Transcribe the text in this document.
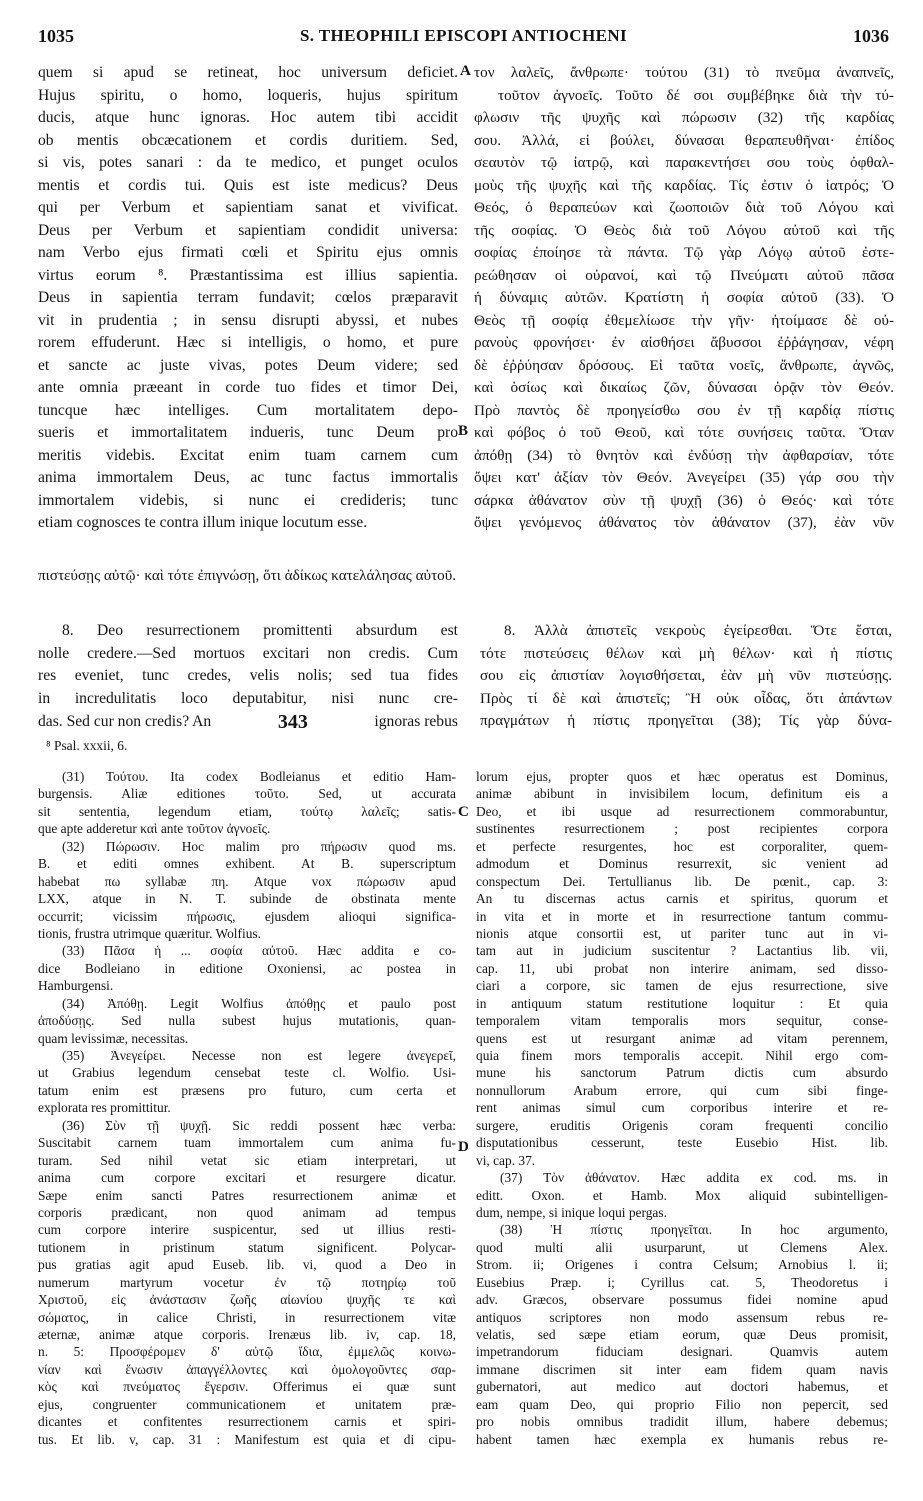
1035	S. THEOPHILI EPISCOPI ANTIOCHENI	1036
quem si apud se retineat, hoc universum deficiet.
Hujus spiritu, o homo, loqueris, hujus spiritum
ducis, atque hunc ignoras. Hoc autem tibi accidit
ob mentis obcæcationem et cordis duritiem. Sed,
si vis, potes sanari : da te medico, et punget oculos
mentis et cordis tui. Quis est iste medicus? Deus
qui per Verbum et sapientiam sanat et vivificat.
Deus per Verbum et sapientiam condidit universa:
nam Verbo ejus firmati cœli et Spiritu ejus omnis
virtus eorum ⁸. Præstantissima est illius sapientia.
Deus in sapientia terram fundavit; cœlos præparavit
vit in prudentia ; in sensu disrupti abyssi, et nubes
rorem effuderunt. Hæc si intelligis, o homo, et pure
et sancte ac juste vivas, potes Deum videre; sed
ante omnia præeant in corde tuo fides et timor Dei,
tuncque hæc intelliges. Cum mortalitatem depo-
sueris et immortalitatem indueris, tunc Deum pro
meritis videbis. Excitat enim tuam carnem cum
anima immortalem Deus, ac tunc factus immortalis
immortalem videbis, si nunc ei credideris; tunc
etiam cognosces te contra illum inique locutum esse.
τον λαλεῖς, ἄνθρωπε· τούτου (31) τὸ πνεῦμα ἀναπνεῖς,
τοῦτον ἀγνοεῖς. Τοῦτο δέ σοι συμβέβηκε διὰ τὴν τύ-
φλωσιν τῆς ψυχῆς καὶ πώρωσιν (32) τῆς καρδίας
σου. Ἀλλά, εἰ βούλει, δύνασαι θεραπευθῆναι· ἐπίδος
σεαυτὸν τῷ ἰατρῷ, καὶ παρακεντήσει σου τοὺς ὀφθαλ-
μοὺς τῆς ψυχῆς καὶ τῆς καρδίας. Τίς ἐστιν ὁ ἰατρός; Ὁ
Θεός, ὁ θεραπεύων καὶ ζωοποιῶν διὰ τοῦ Λόγου καὶ
τῆς σοφίας. Ὁ Θεὸς διὰ τοῦ Λόγου αὐτοῦ καὶ τῆς
σοφίας ἐποίησε τὰ πάντα. Τῷ γὰρ Λόγῳ αὐτοῦ ἐστε-
ρεώθησαν οἱ οὐρανοί, καὶ τῷ Πνεύματι αὐτοῦ πᾶσα
ἡ δύναμις αὐτῶν. Κρατίστη ἡ σοφία αὐτοῦ (33). Ὁ
Θεὸς τῇ σοφίᾳ ἐθεμελίωσε τὴν γῆν· ἡτοίμασε δὲ οὐ-
ρανοὺς φρονήσει· ἐν αἰσθήσει ἄβυσσοι ἐῤῥάγησαν, νέφη
δὲ ἐῤῥύησαν δρόσους. Εἰ ταῦτα νοεῖς, ἄνθρωπε, ἁγνῶς,
καὶ ὁσίως καὶ δικαίως ζῶν, δύνασαι ὁρᾷν τὸν Θεόν.
Πρὸ παντὸς δὲ προηγείσθω σου ἐν τῇ καρδίᾳ πίστις
καὶ φόβος ὁ τοῦ Θεοῦ, καὶ τότε συνήσεις ταῦτα. Ὅταν
ἀπόθῃ (34) τὸ θνητὸν καὶ ἐνδύσῃ τὴν ἀφθαρσίαν, τότε
ὄψει κατ' ἀξίαν τὸν Θεόν. Ἀνεγείρει (35) γάρ σου τὴν
σάρκα ἀθάνατον σὺν τῇ ψυχῇ (36) ὁ Θεός· καὶ τότε
ὄψει γενόμενος ἀθάνατος τὸν ἀθάνατον (37), ἐὰν νῦν
A
B
πιστεύσῃς αὐτῷ· καὶ τότε ἐπιγνώσῃ, ὅτι ἀδίκως κατελάλησας αὐτοῦ.
8. Deo resurrectionem promittenti absurdum est
nolle credere.—Sed mortuos excitari non credis. Cum
res eveniet, tunc credes, velis nolis; sed tua fides
in incredulitatis loco deputabitur, nisi nunc cre-
das. Sed cur non credis? An	343	ignoras rebus
⁸ Psal. xxxii, 6.
8. Ἀλλὰ ἀπιστεῖς νεκροὺς ἐγείρεσθαι. Ὅτε ἔσται,
τότε πιστεύσεις θέλων καὶ μὴ θέλων· καὶ ἡ πίστις
σου εἰς ἀπιστίαν λογισθήσεται, ἐὰν μὴ νῦν πιστεύσῃς.
Πρὸς τί δὲ καὶ ἀπιστεῖς; Ἢ οὐκ οἶδας, ὅτι ἁπάντων
πραγμάτων ἡ πίστις προηγεῖται (38); Τίς γὰρ δύνα-
(31) Τούτου. Ita codex Bodleianus et editio Ham-
burgensis. Aliæ editiones τοῦτο. Sed, ut accurata
sit sententia, legendum etiam, τούτῳ λαλεῖς; satis-
que apte adderetur καὶ ante τοῦτον ἀγνοεῖς.
(32) Πώρωσιν. Hoc malim pro πήρωσιν quod ms.
B. et editi omnes exhibent. At B. superscriptum
habebat πω syllabæ πη. Atque vox πώρωσιν apud
LXX, atque in N. T. subinde de obstinata mente
occurrit; vicissim πήρωσις, ejusdem alioqui significa-
tionis, frustra utrimque quæritur. Wolfius.
(33) Πᾶσα ἡ ... σοφία αὐτοῦ. Hæc addita e co-
dice Bodleiano in editione Oxoniensi, ac postea in
Hamburgensi.
(34) Ἀπόθῃ. Legit Wolfius ἀπόθῃς et paulo post
ἀποδύσῃς. Sed nulla subest hujus mutationis, quan-
quam levissimæ, necessitas.
(35) Ἀνεγείρει. Necesse non est legere ἀνεγερεῖ,
ut Grabius legendum censebat teste cl. Wolfio. Usi-
tatum enim est præsens pro futuro, cum certa et
explorata res promittitur.
(36) Σὺν τῇ ψυχῇ. Sic reddi possent hæc verba:
Suscitabit carnem tuam immortalem cum anima fu-
turam. Sed nihil vetat sic etiam interpretari, ut
anima cum corpore excitari et resurgere dicatur.
Sæpe enim sancti Patres resurrectionem animæ et
corporis prædicant, non quod animam ad tempus
cum corpore interire suspicentur, sed ut illius resti-
tutionem in pristinum statum significent. Polycar-
pus gratias agit apud Euseb. lib. vi, quod a Deo in
numerum martyrum vocetur ἐν τῷ ποτηρίῳ τοῦ
Χριστοῦ, εἰς ἀνάστασιν ζωῆς αἰωνίου ψυχῆς τε καὶ
σώματος, in calice Christi, in resurrectionem vitæ
æternæ, animæ atque corporis. Irenæus lib. iv, cap. 18,
n. 5: Προσφέρομεν δ' αὐτῷ ἴδια, ἐμμελῶς κοινω-
νίαν καὶ ἕνωσιν ἀπαγγέλλοντες καὶ ὁμολογοῦντες σαρ-
κὸς καὶ πνεύματος ἔγερσιν. Offerimus ei quæ sunt
ejus, congruenter communicationem et unitatem præ-
dicantes et confitentes resurrectionem carnis et spiri-
tus. Et lib. v, cap. 31 : Manifestum est quia et di cipu-
lorum ejus, propter quos et hæc operatus est Dominus,
animæ abibunt in invisibilem locum, definitum eis a
Deo, et ibi usque ad resurrectionem commorabuntur,
sustinentes resurrectionem ; post recipientes corpora
et perfecte resurgentes, hoc est corporaliter, quem-
admodum et Dominus resurrexit, sic venient ad
conspectum Dei. Tertullianus lib. De pœnit., cap. 3:
An tu discernas actus carnis et spiritus, quorum et
in vita et in morte et in resurrectione tantum commu-
nionis atque consortii est, ut pariter tunc aut in vi-
tam aut in judicium suscitentur ? Lactantius lib. vii,
cap. 11, ubi probat non interire animam, sed disso-
ciari a corpore, sic tamen de ejus resurrectione, sive
in antiquum statum restitutione loquitur : Et quia
temporalem vitam temporalis mors sequitur, conse-
quens est ut resurgant animæ ad vitam perennem,
quia finem mors temporalis accepit. Nihil ergo com-
mune his sanctorum Patrum dictis cum absurdo
nonnullorum Arabum errore, qui cum sibi finge-
rent animas simul cum corporibus interire et re-
surgere, eruditis Origenis coram frequenti concilio
disputationibus cesserunt, teste Eusebio Hist. lib.
vi, cap. 37.
(37) Τὸν ἀθάνατον. Hæc addita ex cod. ms. in
editt. Oxon. et Hamb. Mox aliquid subintelligen-
dum, nempe, si inique loqui pergas.
(38) Ἡ πίστις προηγεῖται. In hoc argumento,
quod multi alii usurparunt, ut Clemens Alex.
Strom. ii; Origenes i contra Celsum; Arnobius l. ii;
Eusebius Præp. i; Cyrillus cat. 5, Theodoretus i
adv. Græcos, observare possumus fidei nomine apud
antiquos scriptores non modo assensum rebus re-
velatis, sed sæpe etiam eorum, quæ Deus promisit,
impetrandorum fiduciam designari. Quamvis autem
immane discrimen sit inter eam fidem quam navis
gubernatori, aut medico aut doctori habemus, et
eam quam Deo, qui proprio Filio non pepercit, sed
pro nobis omnibus tradidit illum, habere debemus;
habent tamen hæc exempla ex humanis rebus re-
C
D
